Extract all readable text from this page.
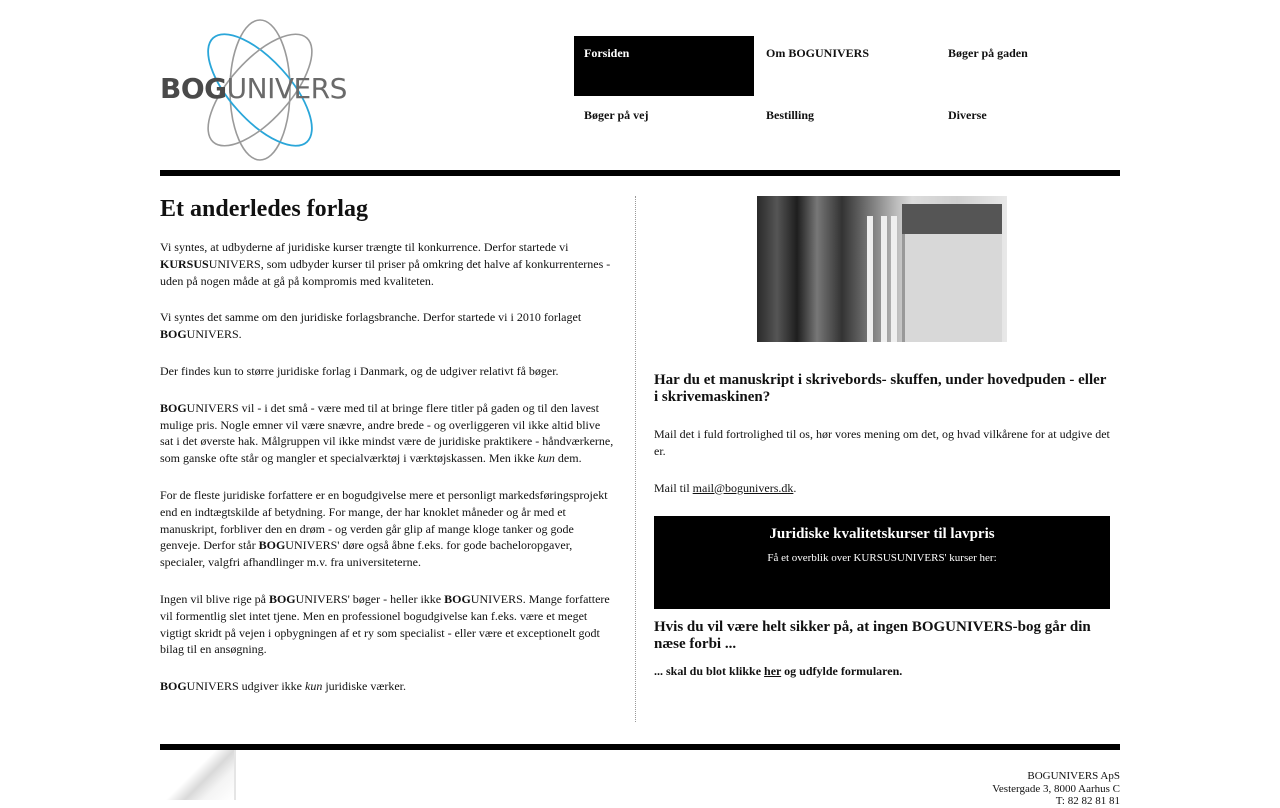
BOGUNIVERS
Forsiden	Om BOGUNIVERS	Bøger på gaden
Bøger på vej	Bestilling	Diverse
Et anderledes forlag

Vi syntes, at udbyderne af juridiske kurser trængte til konkurrence. Derfor startede vi KURSUSUNIVERS, som udbyder kurser til priser på omkring det halve af konkurrenternes - uden på nogen måde at gå på kompromis med kvaliteten.

Vi syntes det samme om den juridiske forlagsbranche. Derfor startede vi i 2010 forlaget BOGUNIVERS.

Der findes kun to større juridiske forlag i Danmark, og de udgiver relativt få bøger.

BOGUNIVERS vil - i det små - være med til at bringe flere titler på gaden og til den lavest mulige pris. Nogle emner vil være snævre, andre brede - og overliggeren vil ikke altid blive sat i det øverste hak. Målgruppen vil ikke mindst være de juridiske praktikere - håndværkerne, som ganske ofte står og mangler et specialværktøj i værktøjskassen. Men ikke kun dem.

For de fleste juridiske forfattere er en bogudgivelse mere et personligt markedsføringsprojekt end en indtægtskilde af betydning. For mange, der har knoklet måneder og år med et manuskript, forbliver den en drøm - og verden går glip af mange kloge tanker og gode genveje. Derfor står BOGUNIVERS' døre også åbne f.eks. for gode bacheloropgaver, specialer, valgfri afhandlinger m.v. fra universiteterne.

Ingen vil blive rige på BOGUNIVERS' bøger - heller ikke BOGUNIVERS. Mange forfattere vil formentlig slet intet tjene. Men en professionel bogudgivelse kan f.eks. være et meget vigtigt skridt på vejen i opbygningen af et ry som specialist - eller være et exceptionelt godt bilag til en ansøgning.

BOGUNIVERS udgiver ikke kun juridiske værker.

Har du et manuskript i skrivebords- skuffen, under hovedpuden - eller i skrivemaskinen?

Mail det i fuld fortrolighed til os, hør vores mening om det, og hvad vilkårene for at udgive det er.

Mail til mail@bogunivers.dk.

Juridiske kvalitetskurser til lavpris
Få et overblik over KURSUSUNIVERS' kurser her:
Hvis du vil være helt sikker på, at ingen BOGUNIVERS-bog går din næse forbi ...

... skal du blot klikke her og udfylde formularen.

BOGUNIVERS ApS
Vestergade 3, 8000 Aarhus C
T: 82 82 81 81
